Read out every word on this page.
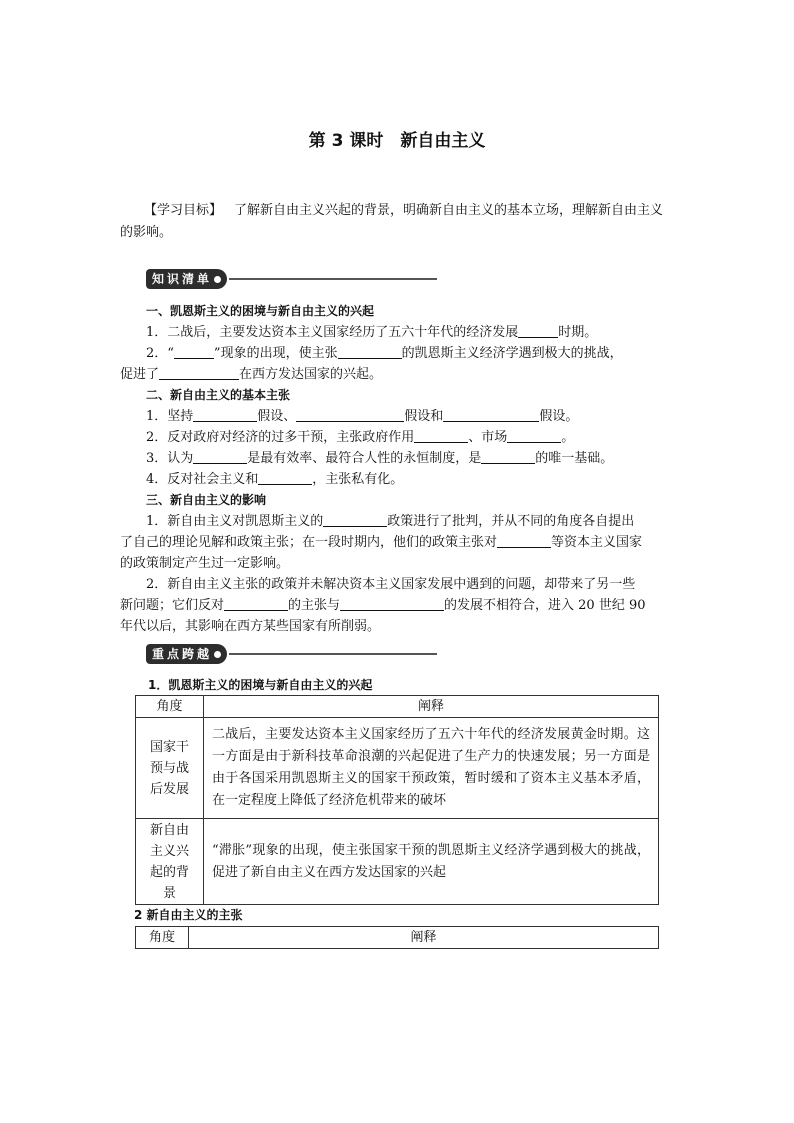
第 3 课时　新自由主义
【学习目标】 了解新自由主义兴起的背景，明确新自由主义的基本立场，理解新自由主义的影响。
知识清单
一、凯恩斯主义的困境与新自由主义的兴起
1．二战后，主要发达资本主义国家经历了五六十年代的经济发展	时期。
2．“	”现象的出现，使主张	的凯恩斯主义经济学遇到极大的挑战，
促进了	在西方发达国家的兴起。
二、新自由主义的基本主张
1．坚持	假设、	假设和	假设。
2．反对政府对经济的过多干预，主张政府作用	、市场	。
3．认为	是最有效率、最符合人性的永恒制度，是	的唯一基础。
4．反对社会主义和	，主张私有化。
三、新自由主义的影响
1．新自由主义对凯恩斯主义的	政策进行了批判，并从不同的角度各自提出
了自己的理论见解和政策主张；在一段时期内，他们的政策主张对	等资本主义国家
的政策制定产生过一定影响。
2．新自由主义主张的政策并未解决资本主义国家发展中遇到的问题，却带来了另一些
新问题；它们反对	的主张与	的发展不相符合，进入 20 世纪 90
年代以后，其影响在西方某些国家有所削弱。
重点跨越
1．凯恩斯主义的困境与新自由主义的兴起
角度	阐释

国家干
预与战
后发展	二战后，主要发达资本主义国家经历了五六十年代的经济发展黄金时期。这一方面是由于新科技革命浪潮的兴起促进了生产力的快速发展；另一方面是由于各国采用凯恩斯主义的国家干预政策，暂时缓和了资本主义基本矛盾，在一定程度上降低了经济危机带来的破坏

新自由
主义兴
起的背
景	“滞胀”现象的出现，使主张国家干预的凯恩斯主义经济学遇到极大的挑战，促进了新自由主义在西方发达国家的兴起
2 新自由主义的主张
角度	阐释
